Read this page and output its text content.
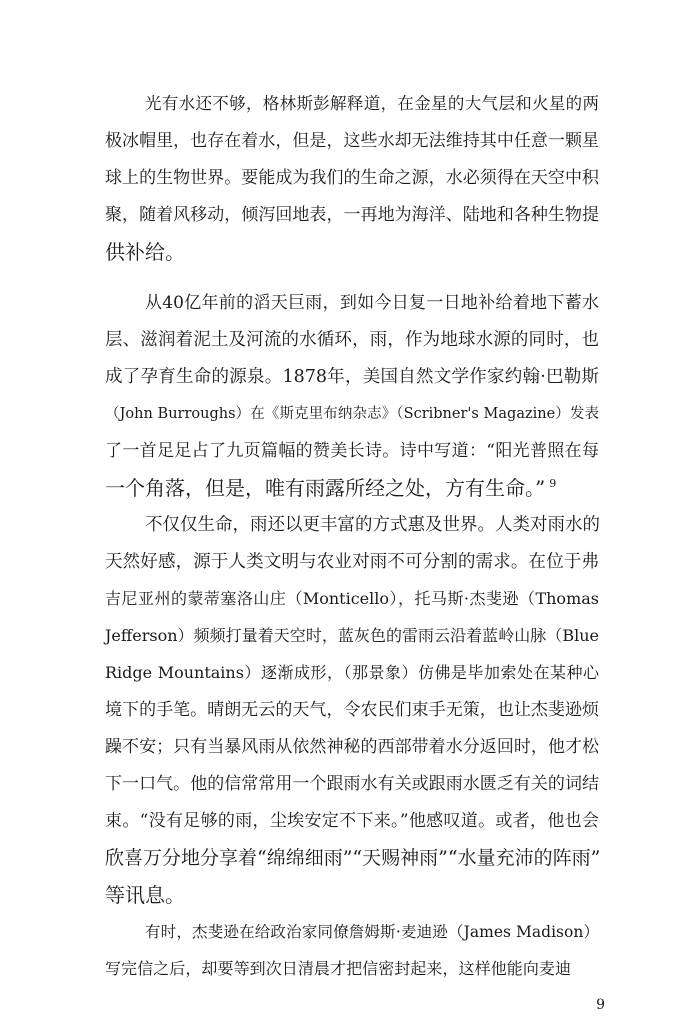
光有水还不够，格林斯彭解释道，在金星的大气层和火星的两
极冰帽里，也存在着水，但是，这些水却无法维持其中任意一颗星
球上的生物世界。要能成为我们的生命之源，水必须得在天空中积
聚，随着风移动，倾泻回地表，一再地为海洋、陆地和各种生物提
供补给。
从40亿年前的滔天巨雨，到如今日复一日地补给着地下蓄水
层、滋润着泥土及河流的水循环，雨，作为地球水源的同时，也
成了孕育生命的源泉。1878年，美国自然文学作家约翰·巴勒斯
（John Burroughs）在《斯克里布纳杂志》（Scribner's Magazine）发表
了一首足足占了九页篇幅的赞美长诗。诗中写道：“阳光普照在每
一个角落，但是，唯有雨露所经之处，方有生命。” $^9$
不仅仅生命，雨还以更丰富的方式惠及世界。人类对雨水的
天然好感，源于人类文明与农业对雨不可分割的需求。在位于弗
吉尼亚州的蒙蒂塞洛山庄（Monticello），托马斯·杰斐逊（Thomas
Jefferson）频频打量着天空时，蓝灰色的雷雨云沿着蓝岭山脉（Blue
Ridge Mountains）逐渐成形，（那景象）仿佛是毕加索处在某种心
境下的手笔。晴朗无云的天气，令农民们束手无策，也让杰斐逊烦
躁不安；只有当暴风雨从依然神秘的西部带着水分返回时，他才松
下一口气。他的信常常用一个跟雨水有关或跟雨水匮乏有关的词结
束。“没有足够的雨，尘埃安定不下来。”他感叹道。或者，他也会
欣喜万分地分享着“绵绵细雨”“天赐神雨”“水量充沛的阵雨”
等讯息。
有时，杰斐逊在给政治家同僚詹姆斯·麦迪逊（James Madison）
写完信之后，却要等到次日清晨才把信密封起来，这样他能向麦迪
9
